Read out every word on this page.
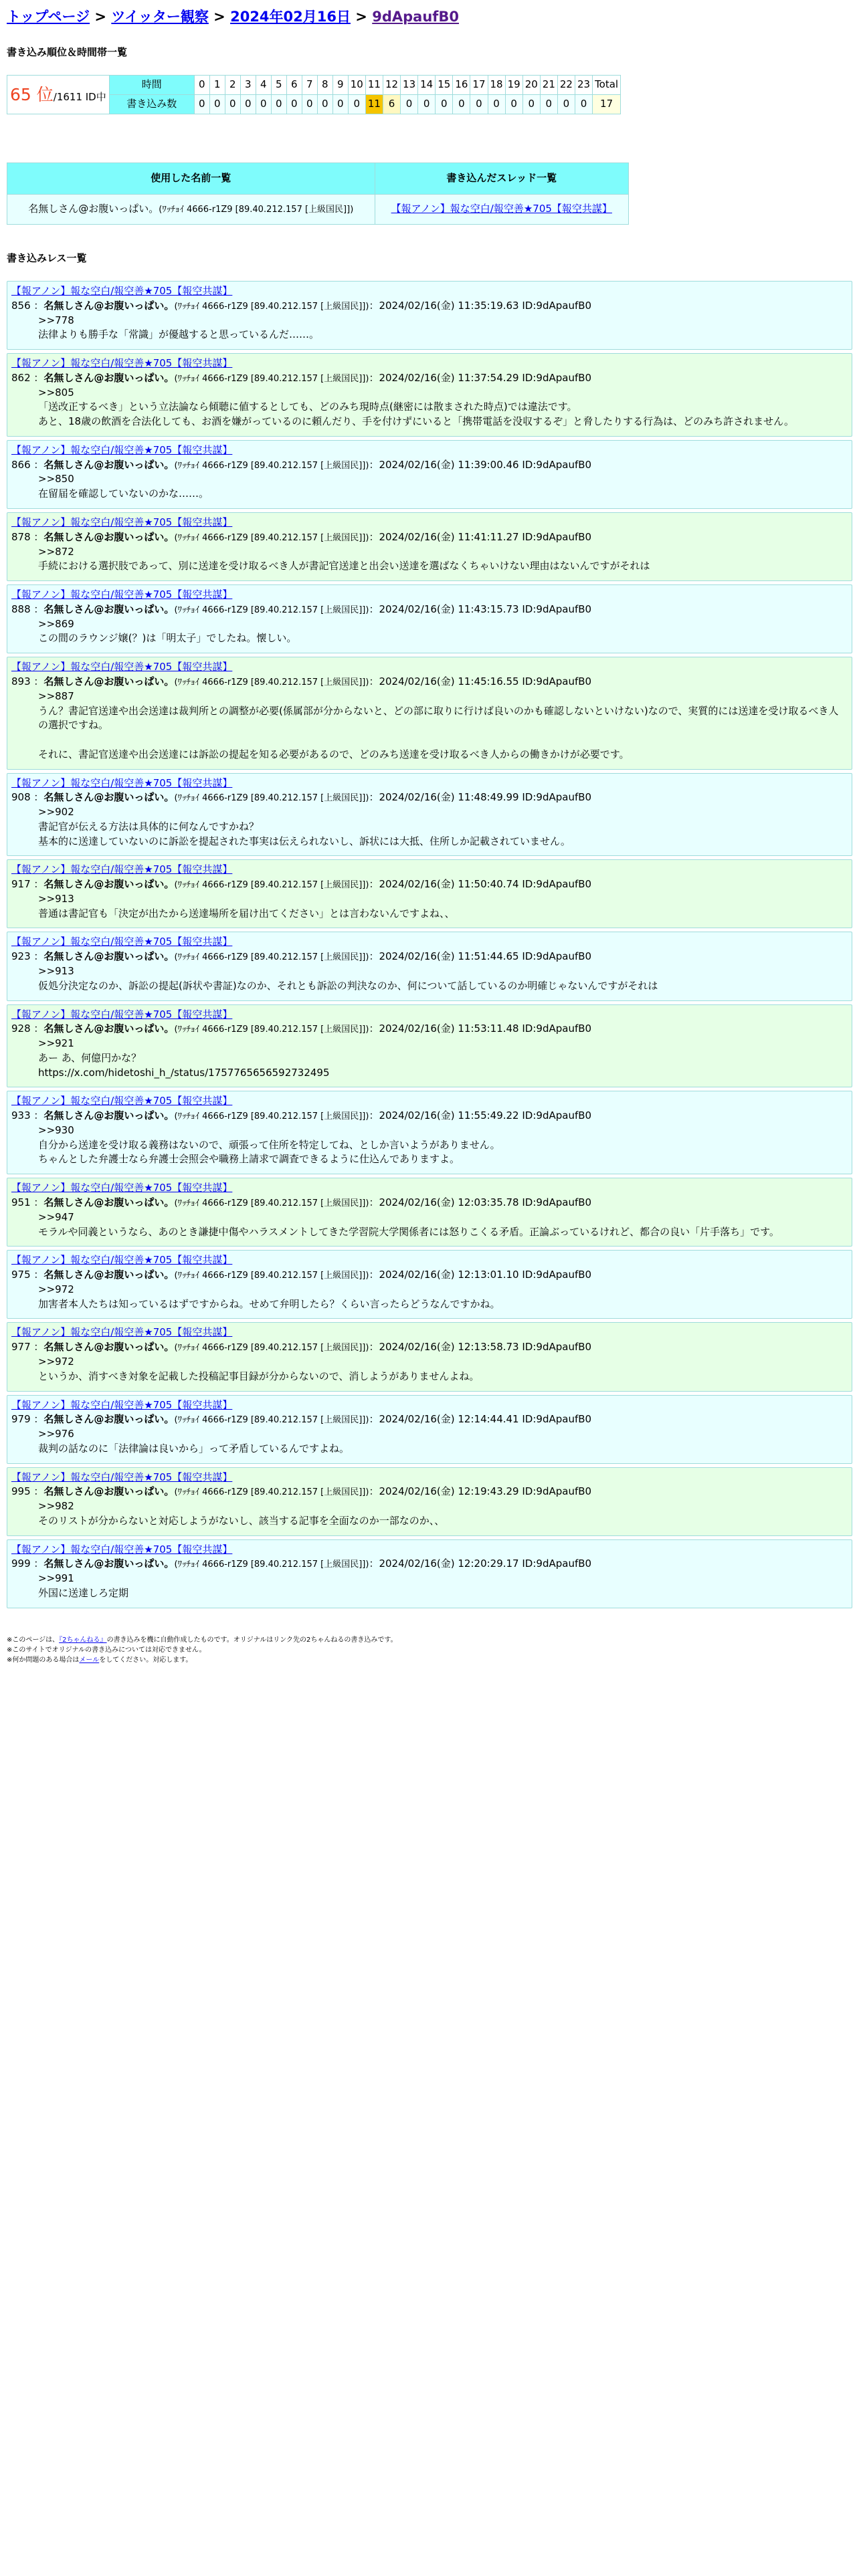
トップページ > ツイッター観察 > 2024年02月16日 > 9dApaufB0
書き込み順位＆時間帯一覧
65 位/1611 ID中	時間	0	1	2	3	4	5	6	7	8	9	10	11	12	13	14	15	16	17	18	19	20	21	22	23	Total
	書き込み数	0	0	0	0	0	0	0	0	0	0	0	11	6	0	0	0	0	0	0	0	0	0	0	0	17
使用した名前一覧	書き込んだスレッド一覧
名無しさん@お腹いっぱい。(ﾜｯﾁｮｲ 4666-r1Z9 [89.40.212.157 [上級国民]])	【報アノン】報な空白/報空善★705【報空共謀】
書き込みレス一覧
【報アノン】報な空白/報空善★705【報空共謀】
856 ：名無しさん@お腹いっぱい。(ﾜｯﾁｮｲ 4666-r1Z9 [89.40.212.157 [上級国民]])：2024/02/16(金) 11:35:19.63 ID:9dApaufB0

>>778

法律よりも勝手な「常識」が優越すると思っているんだ……。

【報アノン】報な空白/報空善★705【報空共謀】
862 ：名無しさん@お腹いっぱい。(ﾜｯﾁｮｲ 4666-r1Z9 [89.40.212.157 [上級国民]])：2024/02/16(金) 11:37:54.29 ID:9dApaufB0

>>805

「送改正するべき」という立法論なら傾聴に値するとしても、どのみち現時点(継密には散まされた時点)では違法です。

あと、18歳の飲酒を合法化しても、お酒を嫌がっているのに頼んだり、手を付けずにいると「携帯電話を没収するぞ」と脅したりする行為は、どのみち許されません。

【報アノン】報な空白/報空善★705【報空共謀】
866 ：名無しさん@お腹いっぱい。(ﾜｯﾁｮｲ 4666-r1Z9 [89.40.212.157 [上級国民]])：2024/02/16(金) 11:39:00.46 ID:9dApaufB0

>>850

在留届を確認していないのかな……。

【報アノン】報な空白/報空善★705【報空共謀】
878 ：名無しさん@お腹いっぱい。(ﾜｯﾁｮｲ 4666-r1Z9 [89.40.212.157 [上級国民]])：2024/02/16(金) 11:41:11.27 ID:9dApaufB0

>>872

手続における選択肢であって、別に送達を受け取るべき人が書記官送達と出会い送達を選ばなくちゃいけない理由はないんですがそれは

【報アノン】報な空白/報空善★705【報空共謀】
888 ：名無しさん@お腹いっぱい。(ﾜｯﾁｮｲ 4666-r1Z9 [89.40.212.157 [上級国民]])：2024/02/16(金) 11:43:15.73 ID:9dApaufB0

>>869

この間のラウンジ嬢(？)は「明太子」でしたね。懐しい。

【報アノン】報な空白/報空善★705【報空共謀】
893 ：名無しさん@お腹いっぱい。(ﾜｯﾁｮｲ 4666-r1Z9 [89.40.212.157 [上級国民]])：2024/02/16(金) 11:45:16.55 ID:9dApaufB0

>>887

うん？書記官送達や出会送達は裁判所との調整が必要(係属部が分からないと、どの部に取りに行けば良いのかも確認しないといけない)なので、実質的には送達を受け取るべき人の選択ですね。

それに、書記官送達や出会送達には訴訟の提起を知る必要があるので、どのみち送達を受け取るべき人からの働きかけが必要です。

【報アノン】報な空白/報空善★705【報空共謀】
908 ：名無しさん@お腹いっぱい。(ﾜｯﾁｮｲ 4666-r1Z9 [89.40.212.157 [上級国民]])：2024/02/16(金) 11:48:49.99 ID:9dApaufB0

>>902

書記官が伝える方法は具体的に何なんですかね？

基本的に送達していないのに訴訟を提起された事実は伝えられないし、訴状には大抵、住所しか記載されていません。

【報アノン】報な空白/報空善★705【報空共謀】
917 ：名無しさん@お腹いっぱい。(ﾜｯﾁｮｲ 4666-r1Z9 [89.40.212.157 [上級国民]])：2024/02/16(金) 11:50:40.74 ID:9dApaufB0

>>913

普通は書記官も「決定が出たから送達場所を届け出てください」とは言わないんですよね、、

【報アノン】報な空白/報空善★705【報空共謀】
923 ：名無しさん@お腹いっぱい。(ﾜｯﾁｮｲ 4666-r1Z9 [89.40.212.157 [上級国民]])：2024/02/16(金) 11:51:44.65 ID:9dApaufB0

>>913

仮処分決定なのか、訴訟の提起(訴状や書証)なのか、それとも訴訟の判決なのか、何について話しているのか明確じゃないんですがそれは

【報アノン】報な空白/報空善★705【報空共謀】
928 ：名無しさん@お腹いっぱい。(ﾜｯﾁｮｲ 4666-r1Z9 [89.40.212.157 [上級国民]])：2024/02/16(金) 11:53:11.48 ID:9dApaufB0

>>921

あー あ、何億円かな？

https://x.com/hidetoshi_h_/status/1757765656592732495

【報アノン】報な空白/報空善★705【報空共謀】
933 ：名無しさん@お腹いっぱい。(ﾜｯﾁｮｲ 4666-r1Z9 [89.40.212.157 [上級国民]])：2024/02/16(金) 11:55:49.22 ID:9dApaufB0

>>930

自分から送達を受け取る義務はないので、頑張って住所を特定してね、としか言いようがありません。

ちゃんとした弁護士なら弁護士会照会や職務上請求で調査できるように仕込んでありますよ。

【報アノン】報な空白/報空善★705【報空共謀】
951 ：名無しさん@お腹いっぱい。(ﾜｯﾁｮｲ 4666-r1Z9 [89.40.212.157 [上級国民]])：2024/02/16(金) 12:03:35.78 ID:9dApaufB0

>>947

モラルや同義というなら、あのとき謙捷中傷やハラスメントしてきた学習院大学関係者には怒りこくる矛盾。正論ぶっているけれど、都合の良い「片手落ち」です。

【報アノン】報な空白/報空善★705【報空共謀】
975 ：名無しさん@お腹いっぱい。(ﾜｯﾁｮｲ 4666-r1Z9 [89.40.212.157 [上級国民]])：2024/02/16(金) 12:13:01.10 ID:9dApaufB0

>>972

加害者本人たちは知っているはずですからね。せめて弁明したら？くらい言ったらどうなんですかね。

【報アノン】報な空白/報空善★705【報空共謀】
977 ：名無しさん@お腹いっぱい。(ﾜｯﾁｮｲ 4666-r1Z9 [89.40.212.157 [上級国民]])：2024/02/16(金) 12:13:58.73 ID:9dApaufB0

>>972

というか、消すべき対象を記載した投稿記事目録が分からないので、消しようがありませんよね。

【報アノン】報な空白/報空善★705【報空共謀】
979 ：名無しさん@お腹いっぱい。(ﾜｯﾁｮｲ 4666-r1Z9 [89.40.212.157 [上級国民]])：2024/02/16(金) 12:14:44.41 ID:9dApaufB0

>>976

裁判の話なのに「法律論は良いから」って矛盾しているんですよね。

【報アノン】報な空白/報空善★705【報空共謀】
995 ：名無しさん@お腹いっぱい。(ﾜｯﾁｮｲ 4666-r1Z9 [89.40.212.157 [上級国民]])：2024/02/16(金) 12:19:43.29 ID:9dApaufB0

>>982

そのリストが分からないと対応しようがないし、該当する記事を全面なのか一部なのか、、

【報アノン】報な空白/報空善★705【報空共謀】
999 ：名無しさん@お腹いっぱい。(ﾜｯﾁｮｲ 4666-r1Z9 [89.40.212.157 [上級国民]])：2024/02/16(金) 12:20:29.17 ID:9dApaufB0

>>991

外国に送達しろ定期

※このページは、『2ちゃんねる』の書き込みを機に自動作成したものです。オリジナルはリンク先の2ちゃんねるの書き込みです。
※このサイトでオリジナルの書き込みについては対応できません。
※何か問題のある場合はメールをしてください。対応します。
